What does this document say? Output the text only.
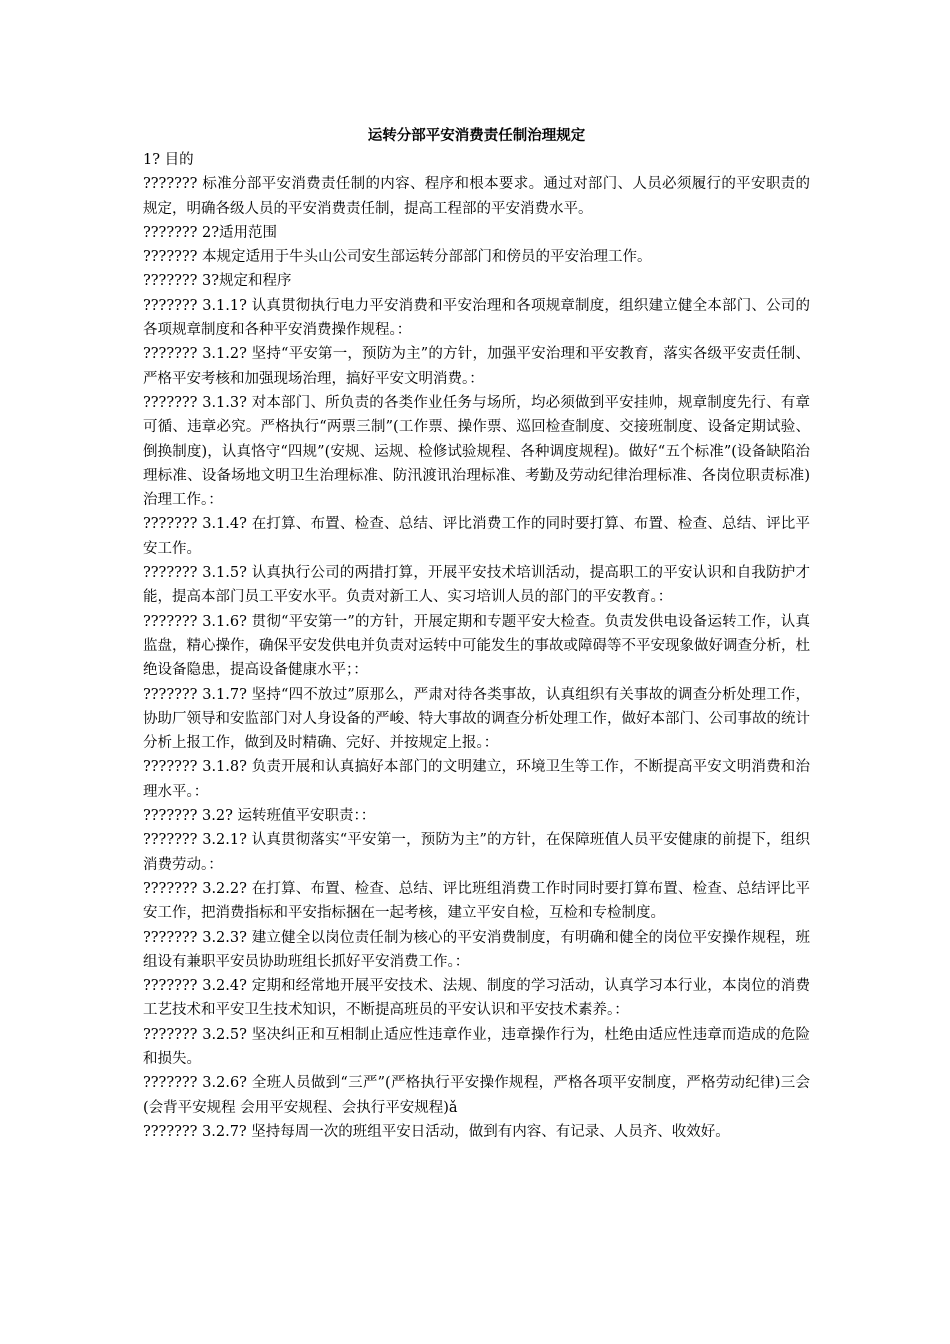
运转分部平安消费责任制治理规定

1? 目的

??????? 标准分部平安消费责任制的内容、程序和根本要求。通过对部门、人员必须履行的平安职责的规定，明确各级人员的平安消费责任制，提高工程部的平安消费水平。

??????? 2?适用范围

??????? 本规定适用于牛头山公司安生部运转分部部门和傍员的平安治理工作。

??????? 3?规定和程序

??????? 3.1.1? 认真贯彻执行电力平安消费和平安治理和各项规章制度，组织建立健全本部门、公司的各项规章制度和各种平安消费操作规程。：

??????? 3.1.2? 坚持“平安第一，预防为主”的方针，加强平安治理和平安教育，落实各级平安责任制、严格平安考核和加强现场治理，搞好平安文明消费。：

??????? 3.1.3? 对本部门、所负责的各类作业任务与场所，均必须做到平安挂帅，规章制度先行、有章可循、违章必究。严格执行“两票三制”(工作票、操作票、巡回检查制度、交接班制度、设备定期试验、倒换制度)，认真恪守“四规”(安规、运规、检修试验规程、各种调度规程)。做好“五个标准”(设备缺陷治理标准、设备场地文明卫生治理标准、防汛渡讯治理标准、考勤及劳动纪律治理标准、各岗位职责标准)治理工作。：

??????? 3.1.4? 在打算、布置、检查、总结、评比消费工作的同时要打算、布置、检查、总结、评比平安工作。

??????? 3.1.5? 认真执行公司的两措打算，开展平安技术培训活动，提高职工的平安认识和自我防护才能，提高本部门员工平安水平。负责对新工人、实习培训人员的部门的平安教育。：

??????? 3.1.6? 贯彻“平安第一”的方针，开展定期和专题平安大检查。负责发供电设备运转工作，认真监盘，精心操作，确保平安发供电并负责对运转中可能发生的事故或障碍等不平安现象做好调查分析，杜绝设备隐患，提高设备健康水平；：

??????? 3.1.7? 坚持“四不放过”原那么，严肃对待各类事故，认真组织有关事故的调查分析处理工作，协助厂领导和安监部门对人身设备的严峻、特大事故的调查分析处理工作，做好本部门、公司事故的统计分析上报工作，做到及时精确、完好、并按规定上报。：

??????? 3.1.8? 负责开展和认真搞好本部门的文明建立，环境卫生等工作，不断提高平安文明消费和治理水平。：

??????? 3.2? 运转班值平安职责：：

??????? 3.2.1? 认真贯彻落实“平安第一，预防为主”的方针，在保障班值人员平安健康的前提下，组织消费劳动。：

??????? 3.2.2? 在打算、布置、检查、总结、评比班组消费工作时同时要打算布置、检查、总结评比平安工作，把消费指标和平安指标捆在一起考核，建立平安自检，互检和专检制度。

??????? 3.2.3? 建立健全以岗位责任制为核心的平安消费制度，有明确和健全的岗位平安操作规程，班组设有兼职平安员协助班组长抓好平安消费工作。：

??????? 3.2.4? 定期和经常地开展平安技术、法规、制度的学习活动，认真学习本行业，本岗位的消费工艺技术和平安卫生技术知识，不断提高班员的平安认识和平安技术素养。：

??????? 3.2.5? 坚决纠正和互相制止适应性违章作业，违章操作行为，杜绝由适应性违章而造成的危险和损失。

??????? 3.2.6? 全班人员做到“三严”(严格执行平安操作规程，严格各项平安制度，严格劳动纪律)三会(会背平安规程 会用平安规程、会执行平安规程)ǎ

??????? 3.2.7? 坚持每周一次的班组平安日活动，做到有内容、有记录、人员齐、收效好。
